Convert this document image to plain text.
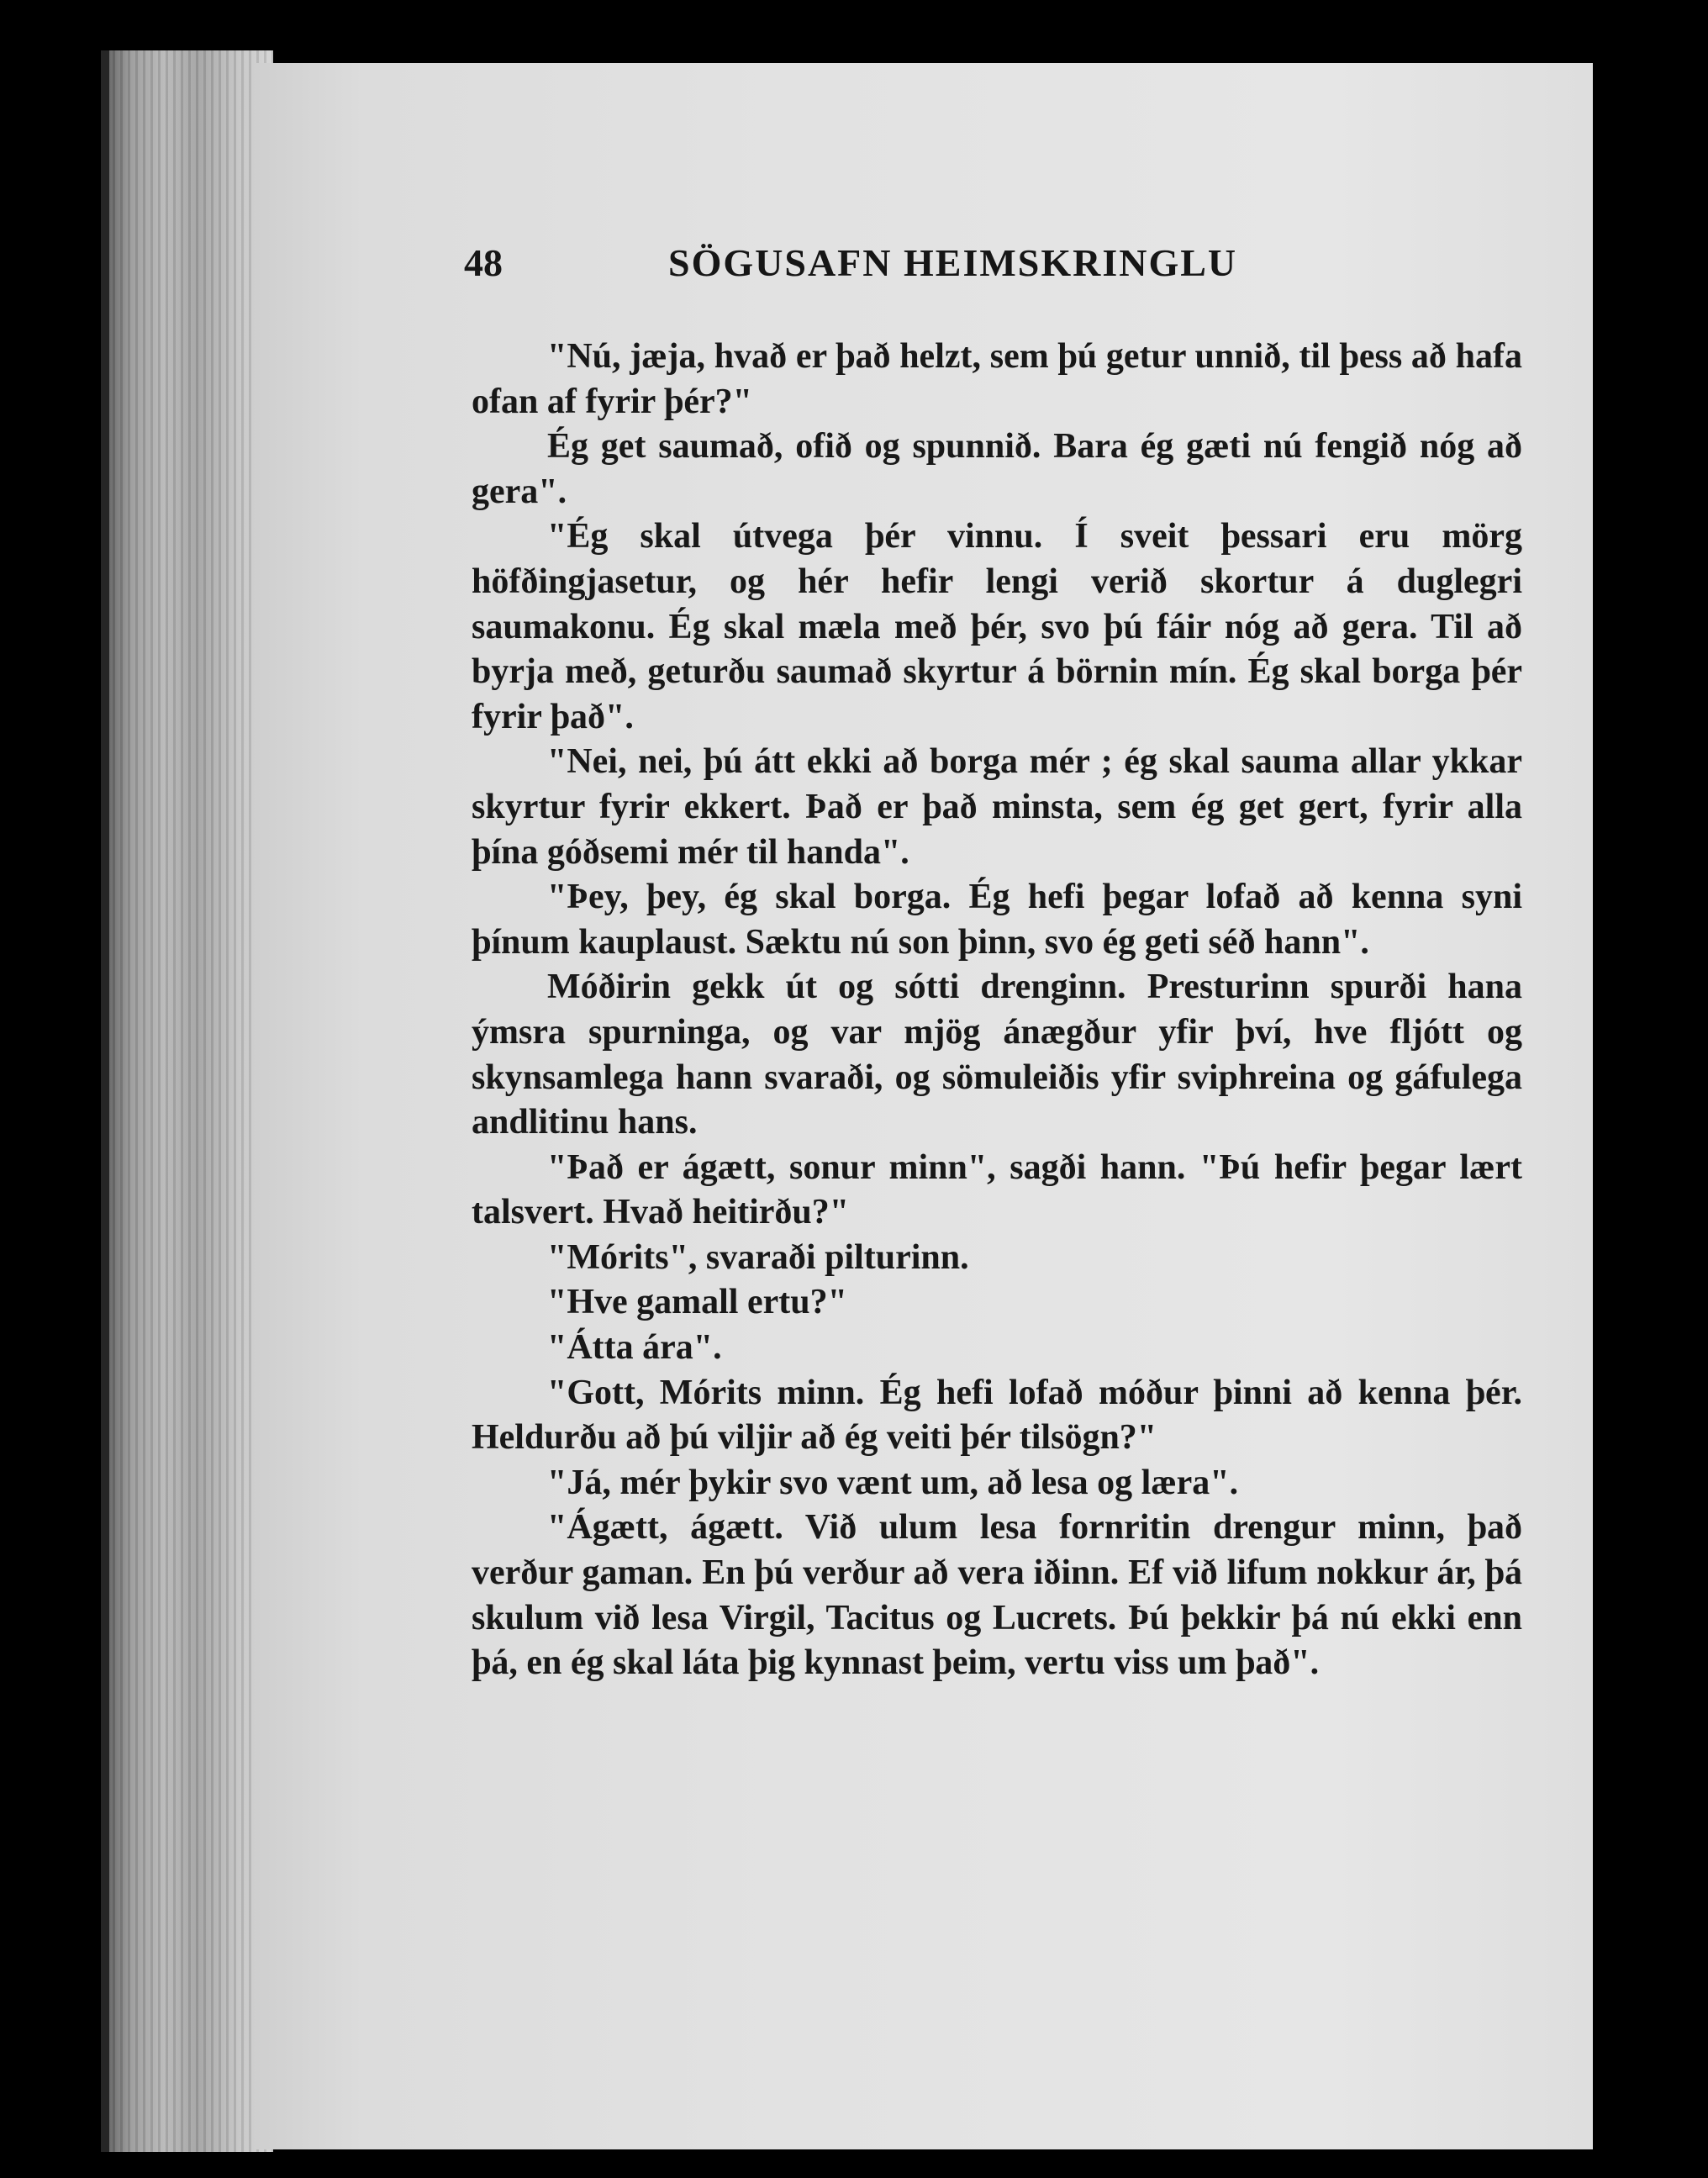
48	SÖGUSAFN HEIMSKRINGLU

"Nú, jæja, hvað er það helzt, sem þú getur unnið, til þess að hafa ofan af fyrir þér?"

Ég get saumað, ofið og spunnið. Bara ég gæti nú fengið nóg að gera".

"Ég skal útvega þér vinnu. Í sveit þessari eru mörg höfðingjasetur, og hér hefir lengi verið skortur á duglegri saumakonu. Ég skal mæla með þér, svo þú fáir nóg að gera. Til að byrja með, geturðu saumað skyrtur á börnin mín. Ég skal borga þér fyrir það".

"Nei, nei, þú átt ekki að borga mér ; ég skal sauma allar ykkar skyrtur fyrir ekkert. Það er það minsta, sem ég get gert, fyrir alla þína góðsemi mér til handa".

"Þey, þey, ég skal borga. Ég hefi þegar lofað að kenna syni þínum kauplaust. Sæktu nú son þinn, svo ég geti séð hann".

Móðirin gekk út og sótti drenginn. Presturinn spurði hana ýmsra spurninga, og var mjög ánægður yfir því, hve fljótt og skynsamlega hann svaraði, og sömuleiðis yfir sviphreina og gáfulega andlitinu hans.

"Það er ágætt, sonur minn", sagði hann. "Þú hefir þegar lært talsvert. Hvað heitirðu?"

"Mórits", svaraði pilturinn.

"Hve gamall ertu?"

"Átta ára".

"Gott, Mórits minn. Ég hefi lofað móður þinni að kenna þér. Heldurðu að þú viljir að ég veiti þér tilsögn?"

"Já, mér þykir svo vænt um, að lesa og læra".

"Ágætt, ágætt. Við ulum lesa fornritin drengur minn, það verður gaman. En þú verður að vera iðinn. Ef við lifum nokkur ár, þá skulum við lesa Virgil, Tacitus og Lucrets. Þú þekkir þá nú ekki enn þá, en ég skal láta þig kynnast þeim, vertu viss um það".
